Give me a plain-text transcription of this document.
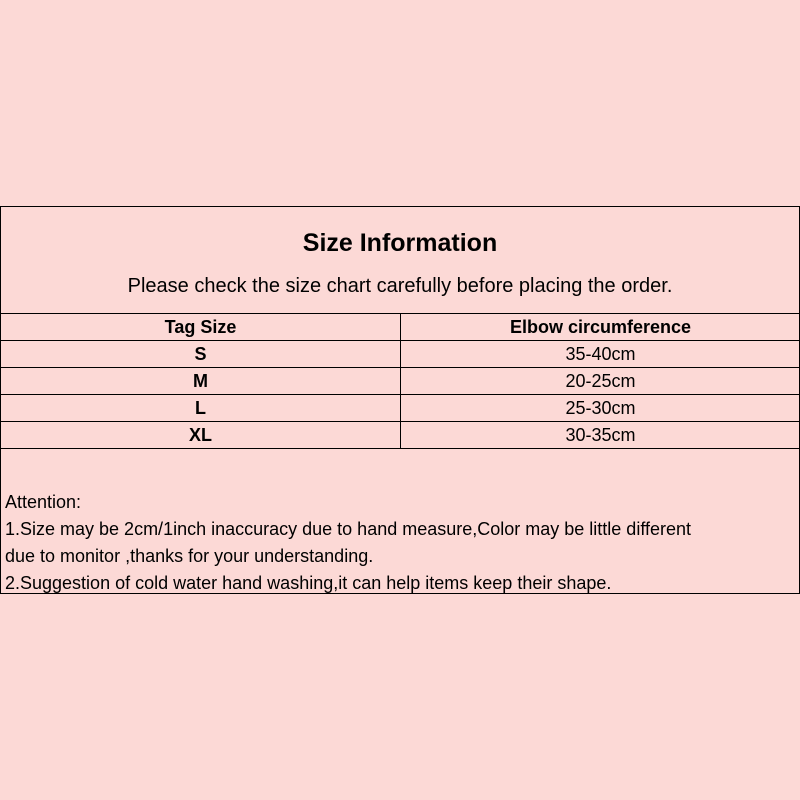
Size Information
Please check the size chart carefully before placing the order.
Tag Size	Elbow circumference
S	35-40cm
M	20-25cm
L	25-30cm
XL	30-35cm
Attention:
1.Size may be 2cm/1inch inaccuracy due to hand measure,Color may be little different
due to monitor ,thanks for your understanding.
2.Suggestion of cold water hand washing,it can help items keep their shape.
